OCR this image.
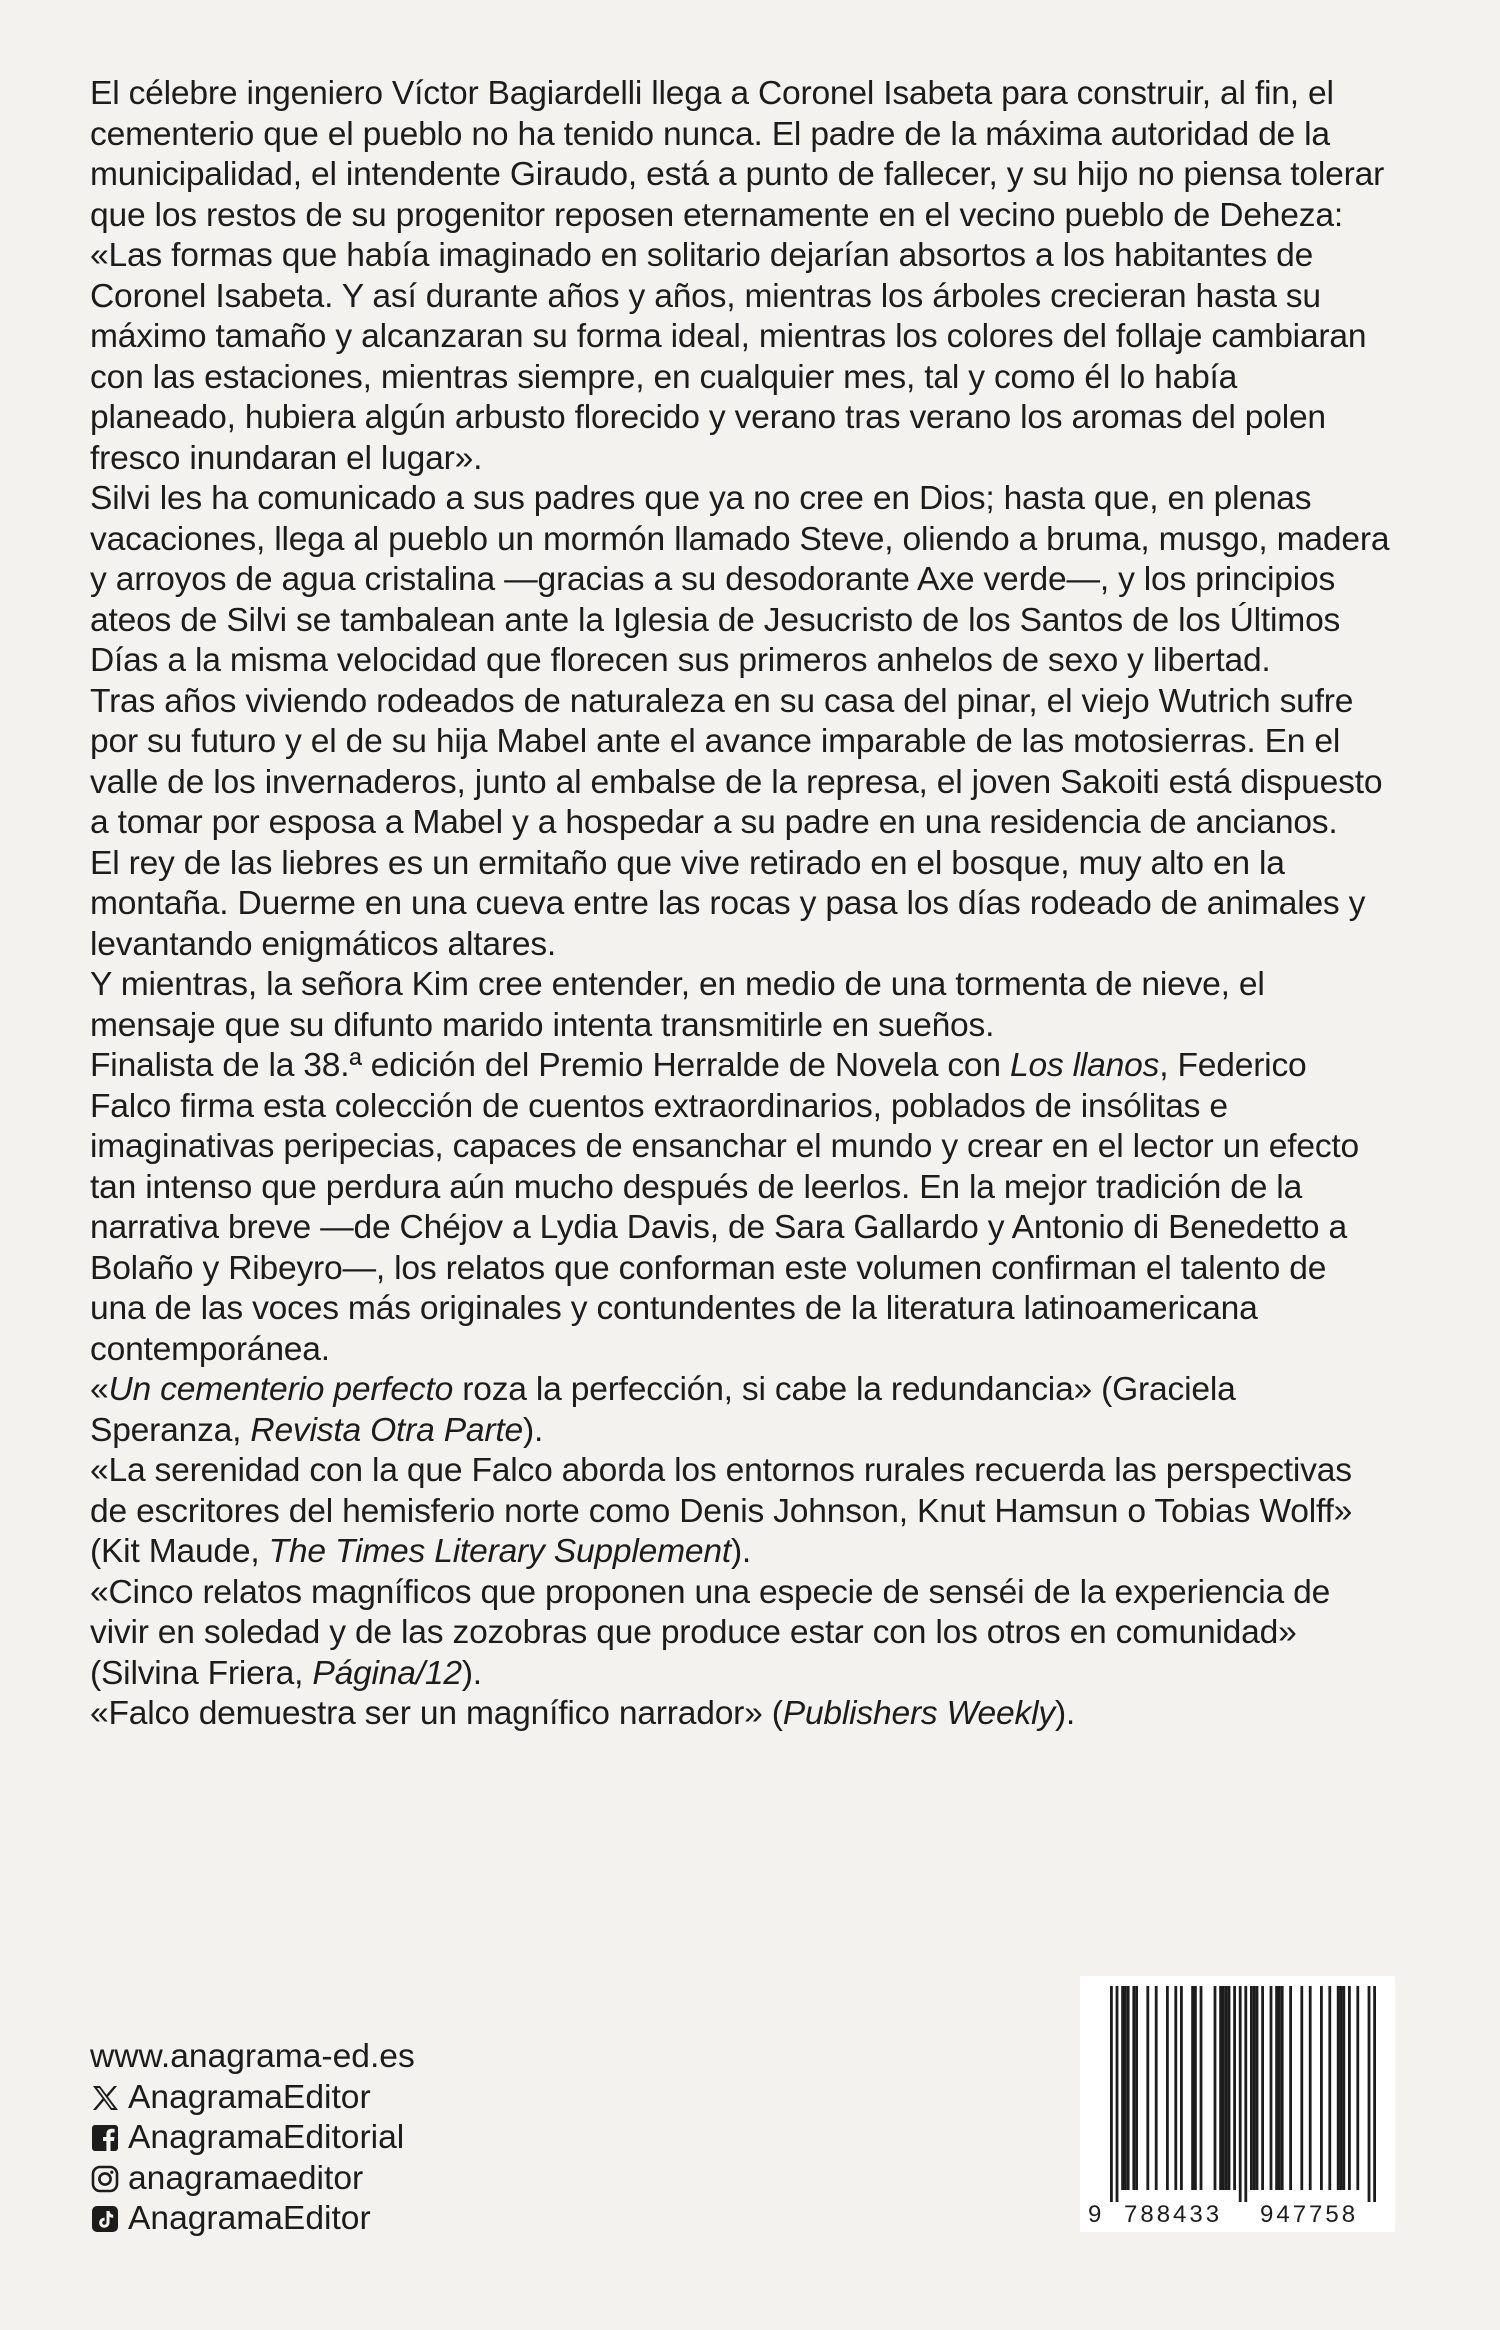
El célebre ingeniero Víctor Bagiardelli llega a Coronel Isabeta para construir, al fin, el cementerio que el pueblo no ha tenido nunca. El padre de la máxima autoridad de la municipalidad, el intendente Giraudo, está a punto de fallecer, y su hijo no piensa tolerar que los restos de su progenitor reposen eternamente en el vecino pueblo de Deheza: «Las formas que había imaginado en solitario dejarían absortos a los habitantes de Coronel Isabeta. Y así durante años y años, mientras los árboles crecieran hasta su máximo tamaño y alcanzaran su forma ideal, mientras los colores del follaje cambiaran con las estaciones, mientras siempre, en cualquier mes, tal y como él lo había planeado, hubiera algún arbusto florecido y verano tras verano los aromas del polen fresco inundaran el lugar».

Silvi les ha comunicado a sus padres que ya no cree en Dios; hasta que, en plenas vacaciones, llega al pueblo un mormón llamado Steve, oliendo a bruma, musgo, madera y arroyos de agua cristalina —gracias a su desodorante Axe verde—, y los principios ateos de Silvi se tambalean ante la Iglesia de Jesucristo de los Santos de los Últimos Días a la misma velocidad que florecen sus primeros anhelos de sexo y libertad.

Tras años viviendo rodeados de naturaleza en su casa del pinar, el viejo Wutrich sufre por su futuro y el de su hija Mabel ante el avance imparable de las motosierras. En el valle de los invernaderos, junto al embalse de la represa, el joven Sakoiti está dispuesto a tomar por esposa a Mabel y a hospedar a su padre en una residencia de ancianos.

El rey de las liebres es un ermitaño que vive retirado en el bosque, muy alto en la montaña. Duerme en una cueva entre las rocas y pasa los días rodeado de animales y levantando enigmáticos altares.

Y mientras, la señora Kim cree entender, en medio de una tormenta de nieve, el mensaje que su difunto marido intenta transmitirle en sueños.

Finalista de la 38.ª edición del Premio Herralde de Novela con Los llanos, Federico Falco firma esta colección de cuentos extraordinarios, poblados de insólitas e imaginativas peripecias, capaces de ensanchar el mundo y crear en el lector un efecto tan intenso que perdura aún mucho después de leerlos. En la mejor tradición de la narrativa breve —de Chéjov a Lydia Davis, de Sara Gallardo y Antonio di Benedetto a Bolaño y Ribeyro—, los relatos que conforman este volumen confirman el talento de una de las voces más originales y contundentes de la literatura latinoamericana contemporánea.

«Un cementerio perfecto roza la perfección, si cabe la redundancia» (Graciela Speranza, Revista Otra Parte).

«La serenidad con la que Falco aborda los entornos rurales recuerda las perspectivas de escritores del hemisferio norte como Denis Johnson, Knut Hamsun o Tobias Wolff» (Kit Maude, The Times Literary Supplement).

«Cinco relatos magníficos que proponen una especie de senséi de la experiencia de vivir en soledad y de las zozobras que produce estar con los otros en comunidad» (Silvina Friera, Página/12).

«Falco demuestra ser un magnífico narrador» (Publishers Weekly).

www.anagrama-ed.es
AnagramaEditor
AnagramaEditorial
anagramaeditor
AnagramaEditor	9 788433 947758
